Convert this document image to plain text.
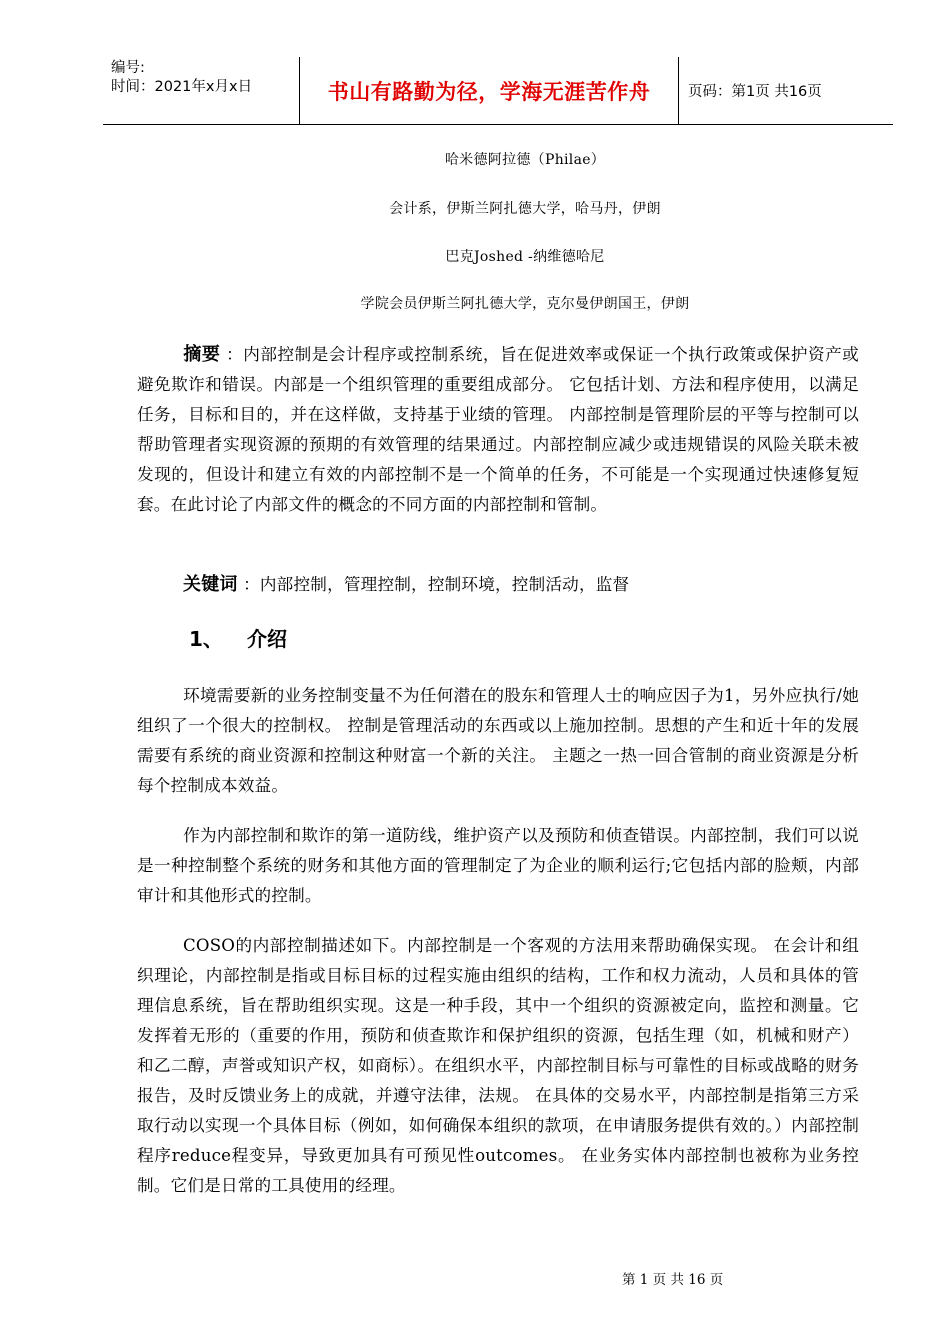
编号:
时间：2021年x月x日	书山有路勤为径，学海无涯苦作舟	页码：第1页 共16页
哈米德阿拉德（Philae）
会计系，伊斯兰阿扎德大学，哈马丹，伊朗
巴克Joshed -纳维德哈尼
学院会员伊斯兰阿扎德大学，克尔曼伊朗国王，伊朗
摘要 ：内部控制是会计程序或控制系统，旨在促进效率或保证一个执行政策或保护资产或避免欺诈和错误。内部是一个组织管理的重要组成部分。 它包括计划、方法和程序使用，以满足任务，目标和目的，并在这样做，支持基于业绩的管理。 内部控制是管理阶层的平等与控制可以帮助管理者实现资源的预期的有效管理的结果通过。内部控制应减少或违规错误的风险关联未被发现的，但设计和建立有效的内部控制不是一个简单的任务，不可能是一个实现通过快速修复短套。在此讨论了内部文件的概念的不同方面的内部控制和管制。
关键词 ：内部控制，管理控制，控制环境，控制活动，监督
1、 介绍
环境需要新的业务控制变量不为任何潜在的股东和管理人士的响应因子为1，另外应执行/她组织了一个很大的控制权。 控制是管理活动的东西或以上施加控制。思想的产生和近十年的发展需要有系统的商业资源和控制这种财富一个新的关注。 主题之一热一回合管制的商业资源是分析每个控制成本效益。
作为内部控制和欺诈的第一道防线，维护资产以及预防和侦查错误。内部控制，我们可以说是一种控制整个系统的财务和其他方面的管理制定了为企业的顺利运行;它包括内部的脸颊，内部审计和其他形式的控制。
COSO的内部控制描述如下。内部控制是一个客观的方法用来帮助确保实现。 在会计和组织理论，内部控制是指或目标目标的过程实施由组织的结构，工作和权力流动，人员和具体的管理信息系统，旨在帮助组织实现。这是一种手段，其中一个组织的资源被定向，监控和测量。它发挥着无形的（重要的作用，预防和侦查欺诈和保护组织的资源，包括生理（如，机械和财产）和乙二醇，声誉或知识产权，如商标）。在组织水平，内部控制目标与可靠性的目标或战略的财务报告，及时反馈业务上的成就，并遵守法律，法规。 在具体的交易水平，内部控制是指第三方采取行动以实现一个具体目标（例如，如何确保本组织的款项，在申请服务提供有效的。）内部控制程序reduce程变异，导致更加具有可预见性outcomes。 在业务实体内部控制也被称为业务控制。它们是日常的工具使用的经理。
第 1 页 共 16 页
